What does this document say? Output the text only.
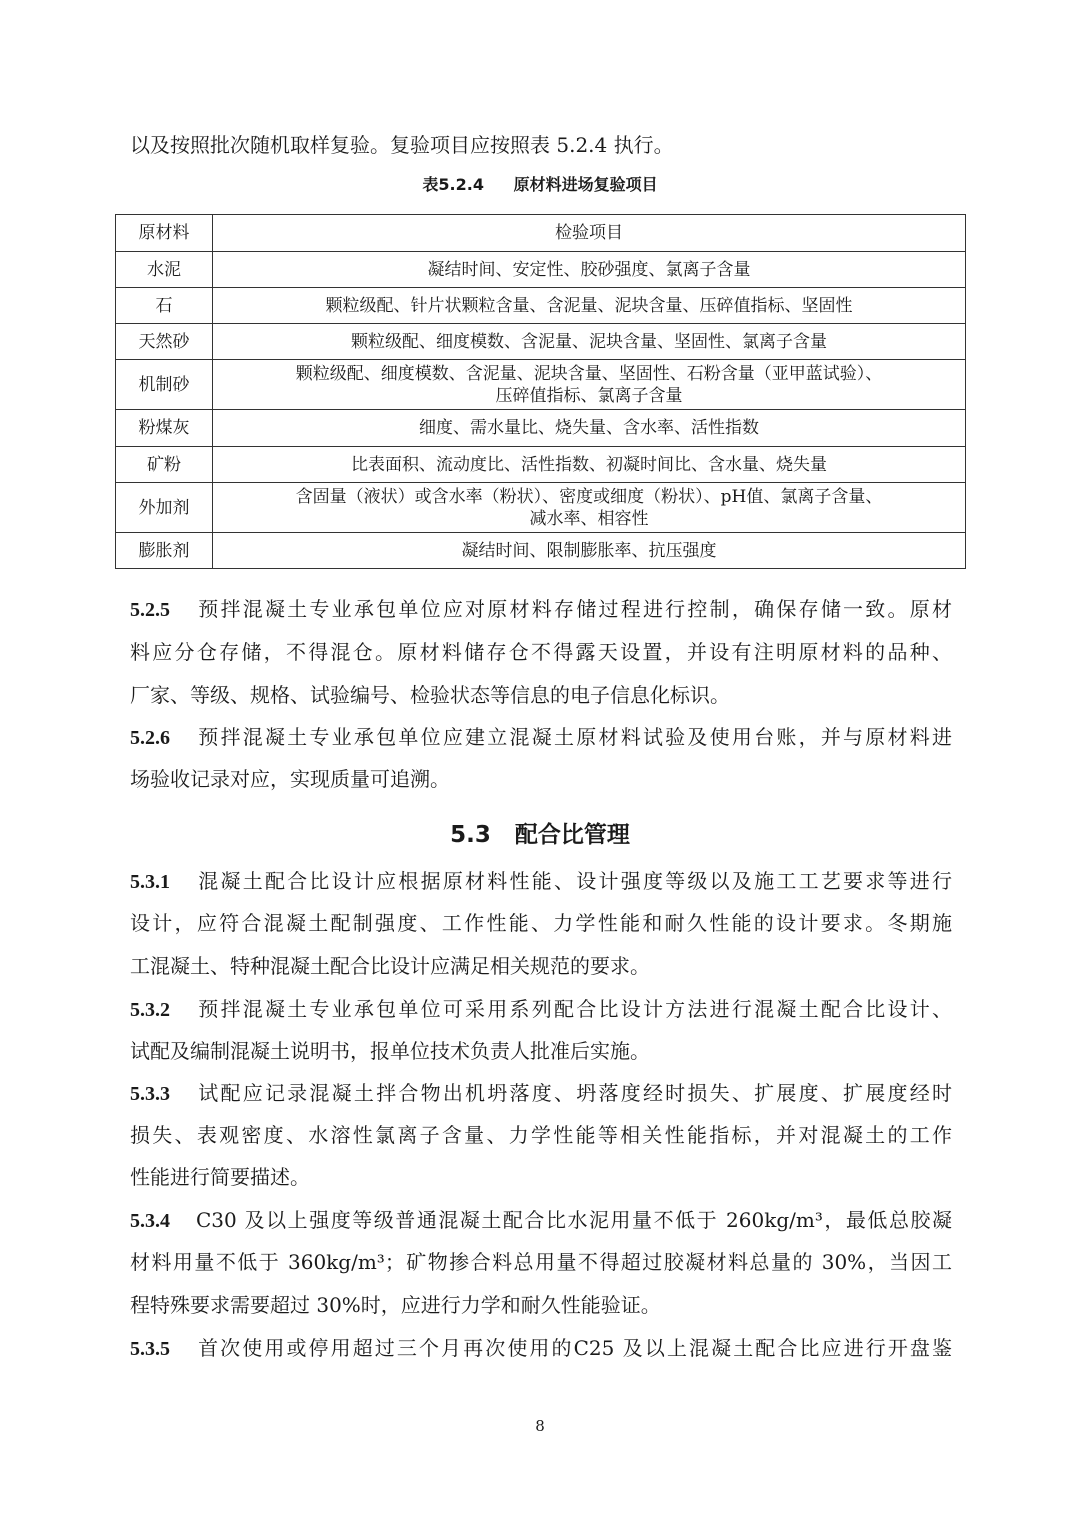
以及按照批次随机取样复验。复验项目应按照表 5.2.4 执行。
表5.2.4 原材料进场复验项目
原材料	检验项目
水泥	凝结时间、安定性、胶砂强度、氯离子含量

石	颗粒级配、针片状颗粒含量、含泥量、泥块含量、压碎值指标、坚固性

天然砂	颗粒级配、细度模数、含泥量、泥块含量、坚固性、氯离子含量

机制砂	颗粒级配、细度模数、含泥量、泥块含量、坚固性、石粉含量（亚甲蓝试验）、
压碎值指标、氯离子含量

粉煤灰	细度、需水量比、烧失量、含水率、活性指数

矿粉	比表面积、流动度比、活性指数、初凝时间比、含水量、烧失量

外加剂	含固量（液状）或含水率（粉状）、密度或细度（粉状）、pH值、氯离子含量、
减水率、相容性

膨胀剂	凝结时间、限制膨胀率、抗压强度
5.2.5 预拌混凝土专业承包单位应对原材料存储过程进行控制，确保存储一致。原材
料应分仓存储，不得混仓。原材料储存仓不得露天设置，并设有注明原材料的品种、
厂家、等级、规格、试验编号、检验状态等信息的电子信息化标识。
5.2.6 预拌混凝土专业承包单位应建立混凝土原材料试验及使用台账，并与原材料进
场验收记录对应，实现质量可追溯。
5.3 配合比管理
5.3.1 混凝土配合比设计应根据原材料性能、设计强度等级以及施工工艺要求等进行
设计，应符合混凝土配制强度、工作性能、力学性能和耐久性能的设计要求。冬期施
工混凝土、特种混凝土配合比设计应满足相关规范的要求。
5.3.2 预拌混凝土专业承包单位可采用系列配合比设计方法进行混凝土配合比设计、
试配及编制混凝土说明书，报单位技术负责人批准后实施。
5.3.3 试配应记录混凝土拌合物出机坍落度、坍落度经时损失、扩展度、扩展度经时
损失、表观密度、水溶性氯离子含量、力学性能等相关性能指标，并对混凝土的工作
性能进行简要描述。
5.3.4 C30 及以上强度等级普通混凝土配合比水泥用量不低于 260kg/m³，最低总胶凝
材料用量不低于 360kg/m³；矿物掺合料总用量不得超过胶凝材料总量的 30%，当因工
程特殊要求需要超过 30%时，应进行力学和耐久性能验证。
5.3.5 首次使用或停用超过三个月再次使用的C25 及以上混凝土配合比应进行开盘鉴
8
